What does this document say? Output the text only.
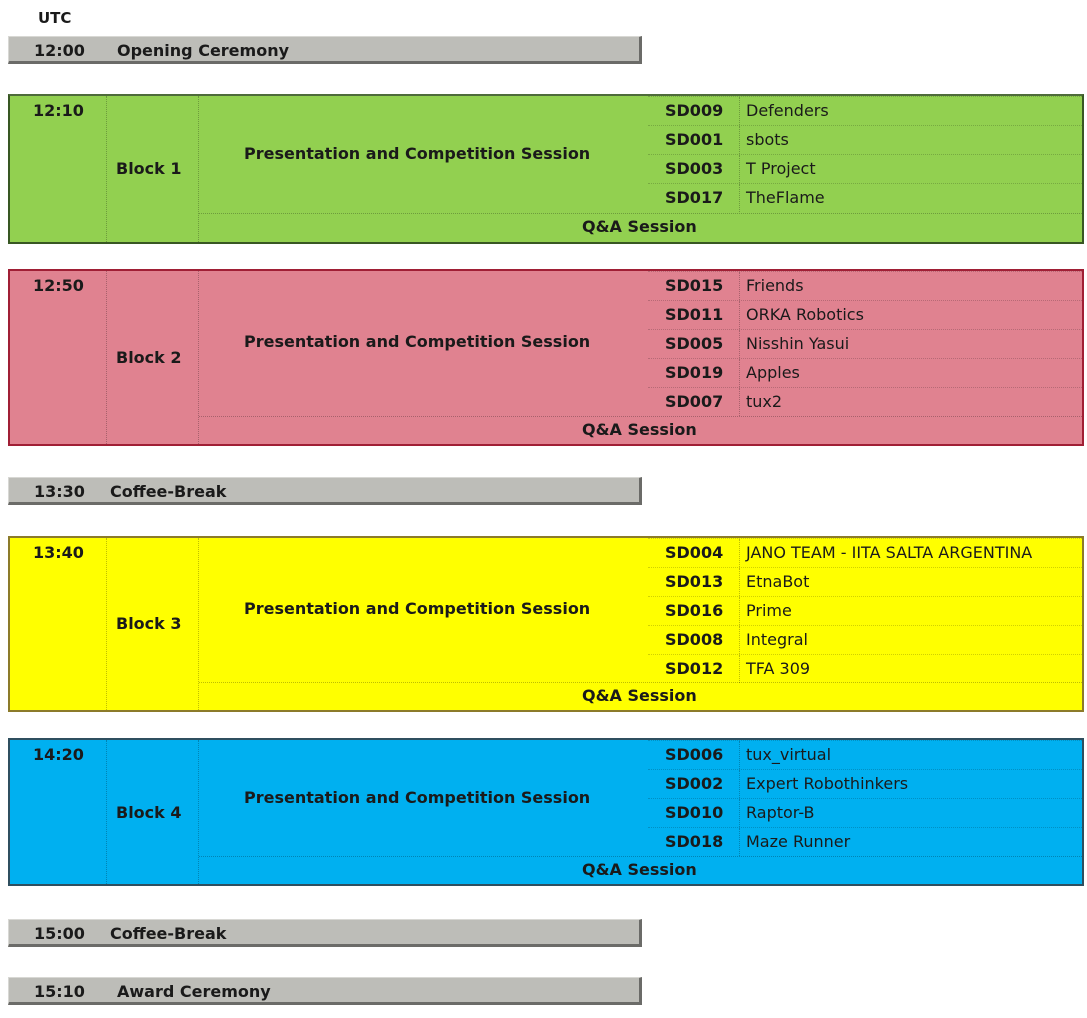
UTC
12:00 Opening Ceremony
12:10
Block 1
Presentation and Competition Session
SD009 Defenders
SD001 sbots
SD003 T Project
SD017 TheFlame
Q&A Session
12:50
Block 2
Presentation and Competition Session
SD015 Friends
SD011 ORKA Robotics
SD005 Nisshin Yasui
SD019 Apples
SD007 tux2
Q&A Session
13:30 Coffee-Break
13:40
Block 3
Presentation and Competition Session
SD004 JANO TEAM - IITA SALTA ARGENTINA
SD013 EtnaBot
SD016 Prime
SD008 Integral
SD012 TFA 309
Q&A Session
14:20
Block 4
Presentation and Competition Session
SD006 tux_virtual
SD002 Expert Robothinkers
SD010 Raptor-B
SD018 Maze Runner
Q&A Session
15:00 Coffee-Break
15:10 Award Ceremony
